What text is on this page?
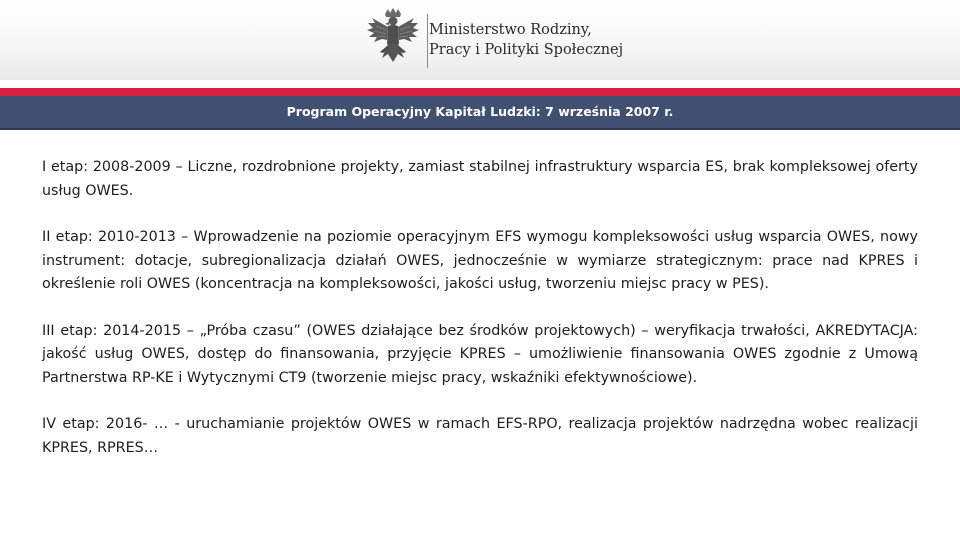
Ministerstwo Rodziny,
Pracy i Polityki Społecznej
Program Operacyjny Kapitał Ludzki: 7 września 2007 r.

I etap: 2008-2009 – Liczne, rozdrobnione projekty, zamiast stabilnej infrastruktury wsparcia ES, brak kompleksowej oferty usług OWES.

II etap: 2010-2013 – Wprowadzenie na poziomie operacyjnym EFS wymogu kompleksowości usług wsparcia OWES, nowy instrument: dotacje, subregionalizacja działań OWES, jednocześnie w wymiarze strategicznym: prace nad KPRES i określenie roli OWES (koncentracja na kompleksowości, jakości usług, tworzeniu miejsc pracy w PES).

III etap: 2014-2015 – „Próba czasu” (OWES działające bez środków projektowych) – weryfikacja trwałości, AKREDYTACJA: jakość usług OWES, dostęp do finansowania, przyjęcie KPRES – umożliwienie finansowania OWES zgodnie z Umową Partnerstwa RP-KE i Wytycznymi CT9 (tworzenie miejsc pracy, wskaźniki efektywnościowe).

IV etap: 2016- … - uruchamianie projektów OWES w ramach EFS-RPO, realizacja projektów nadrzędna wobec realizacji KPRES, RPRES…
